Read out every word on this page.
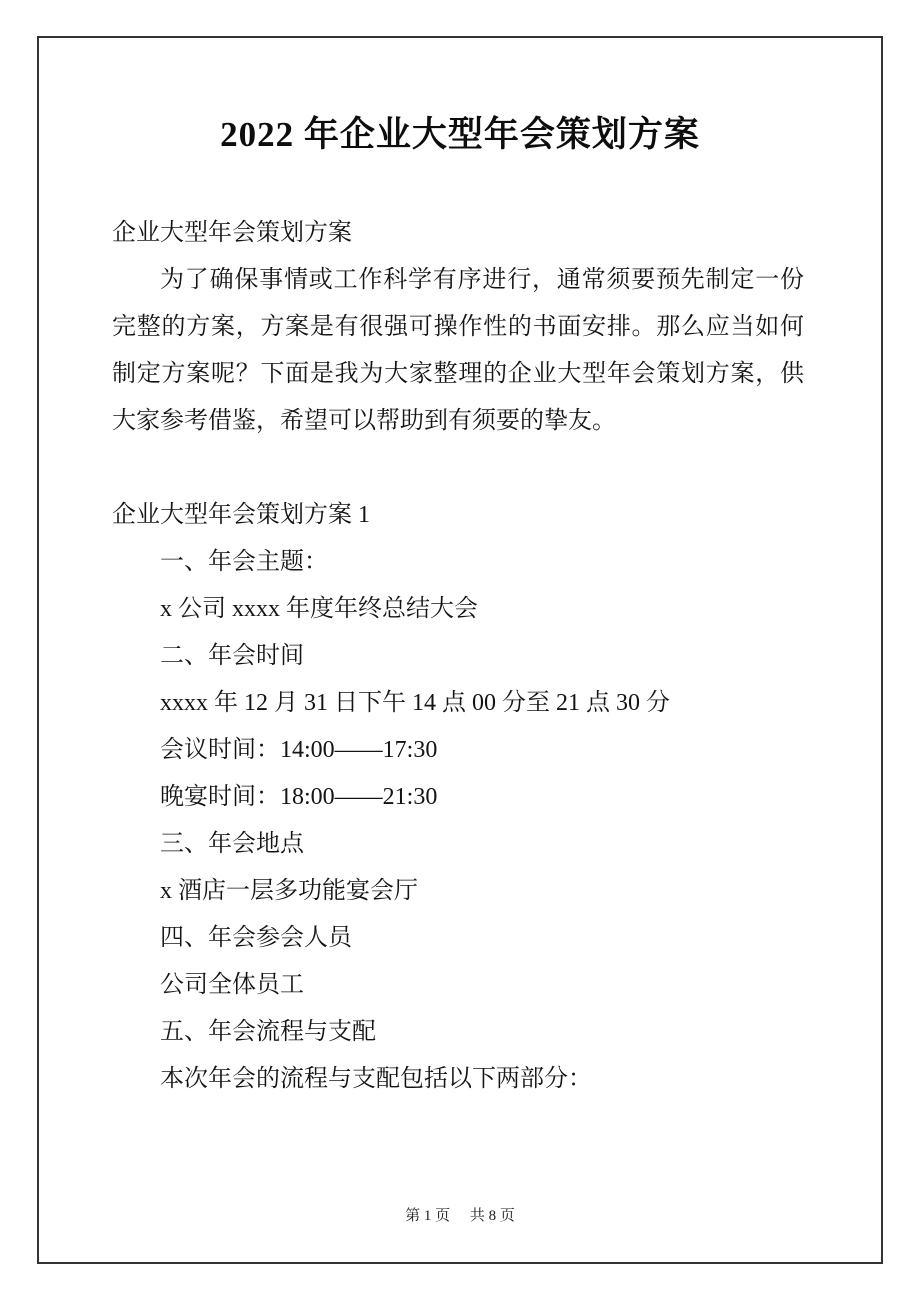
2022 年企业大型年会策划方案

企业大型年会策划方案

为了确保事情或工作科学有序进行，通常须要预先制定一份完整的方案，方案是有很强可操作性的书面安排。那么应当如何制定方案呢？下面是我为大家整理的企业大型年会策划方案，供大家参考借鉴，希望可以帮助到有须要的挚友。

企业大型年会策划方案 1

一、年会主题：

x 公司 xxxx 年度年终总结大会

二、年会时间

xxxx 年 12 月 31 日下午 14 点 00 分至 21 点 30 分

会议时间：14:00——17:30

晚宴时间：18:00——21:30

三、年会地点

x 酒店一层多功能宴会厅

四、年会参会人员

公司全体员工

五、年会流程与支配

本次年会的流程与支配包括以下两部分：

第 1 页 共 8 页
